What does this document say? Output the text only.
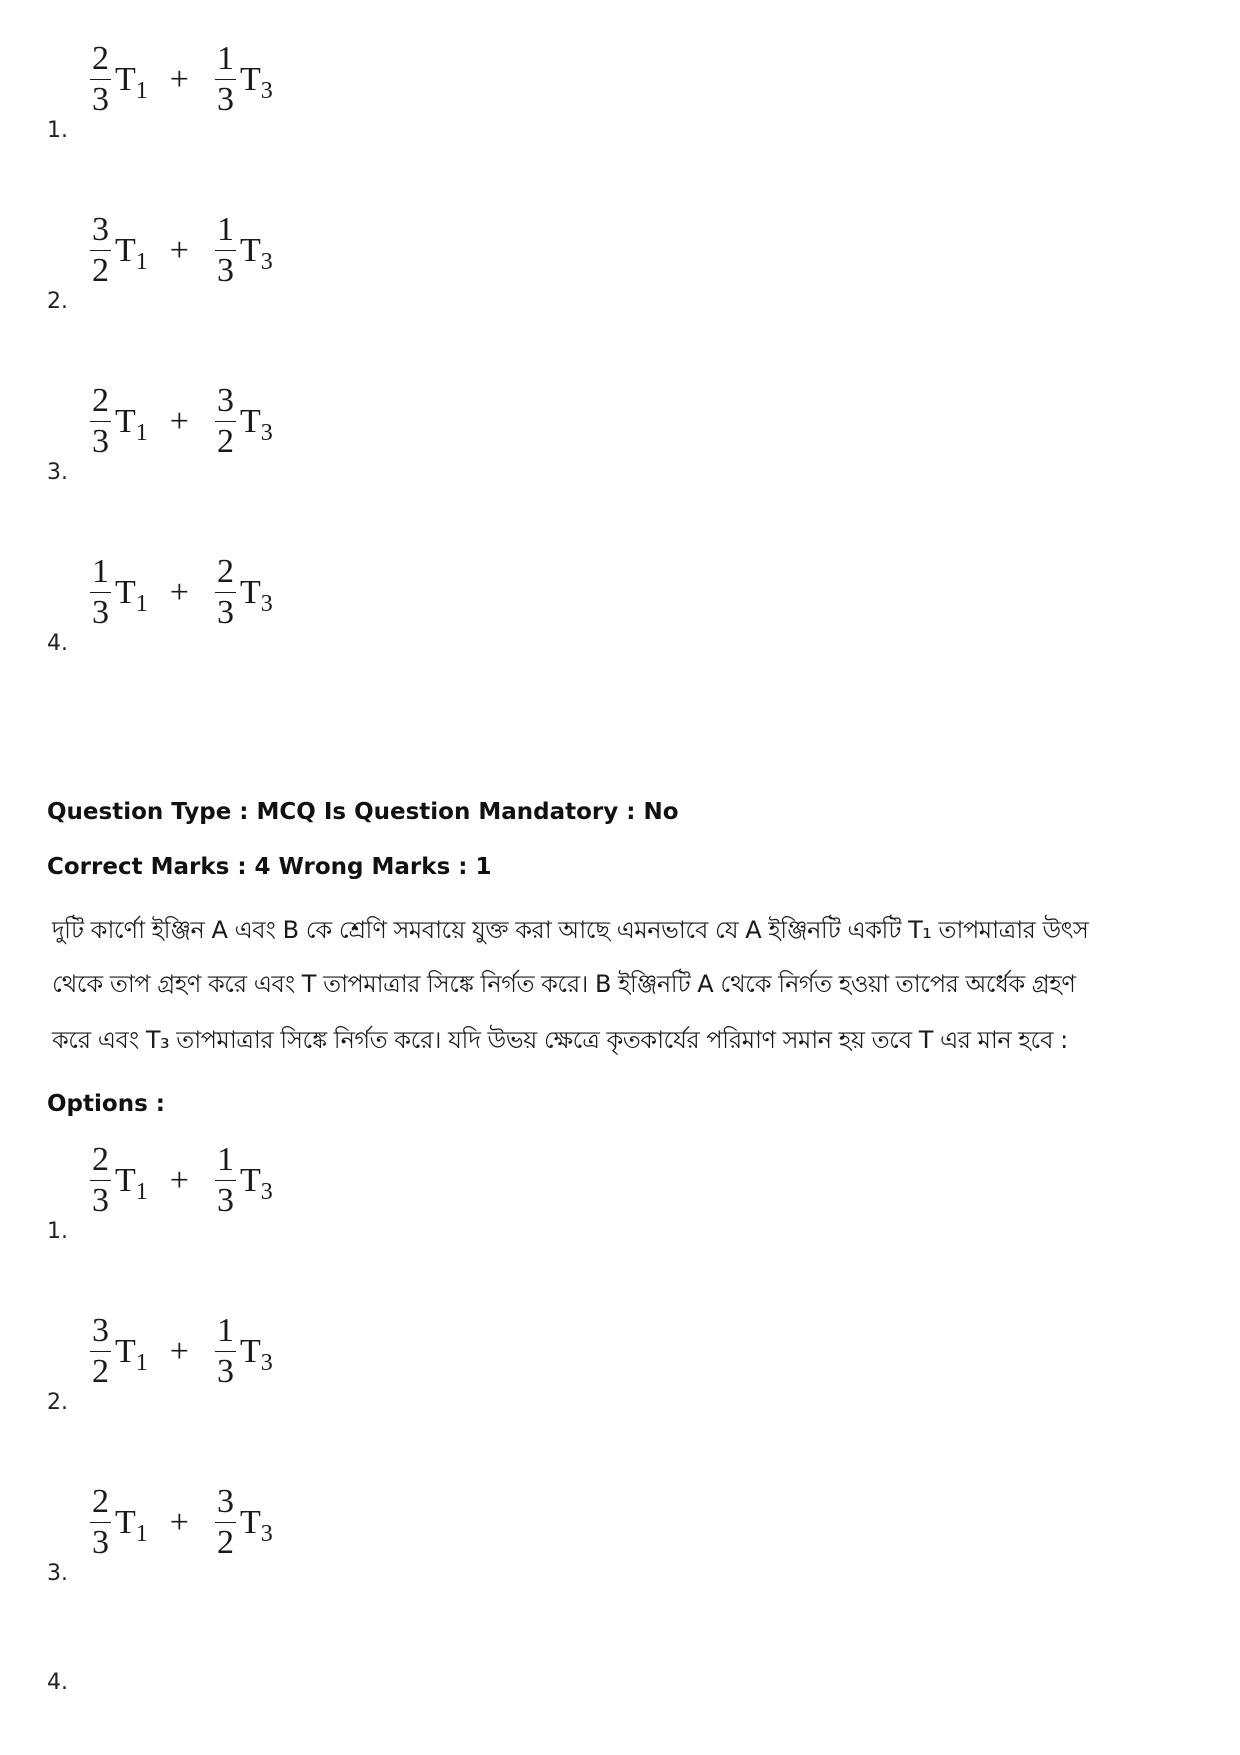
1.
$\frac{2}{3}$ T $1 + \frac{1}{3}$ T 3
2.
$\frac{3}{2}$ T $1 + \frac{1}{3}$ T 3
3.
$\frac{2}{3}$ T $1 + \frac{3}{2}$ T 3
4.
$\frac{1}{3}$ T $1 + \frac{2}{3}$ T 3
Question Type : MCQ Is Question Mandatory : No
Correct Marks : 4 Wrong Marks : 1
দুটি কার্ণো ইঞ্জিন A এবং B কে শ্রেণি সমবায়ে যুক্ত করা আছে এমনভাবে যে A ইঞ্জিনটি একটি T₁ তাপমাত্রার উৎস
থেকে তাপ গ্রহণ করে এবং T তাপমাত্রার সিঙ্কে নির্গত করে। B ইঞ্জিনটি A থেকে নির্গত হওয়া তাপের অর্ধেক গ্রহণ
করে এবং T₃ তাপমাত্রার সিঙ্কে নির্গত করে। যদি উভয় ক্ষেত্রে কৃতকার্যের পরিমাণ সমান হয় তবে T এর মান হবে :
Options :
1.
$\frac{2}{3}$ T $1 + \frac{1}{3}$ T 3
2.
$\frac{3}{2}$ T $1 + \frac{1}{3}$ T 3
3.
$\frac{2}{3}$ T $1 + \frac{3}{2}$ T 3
4.
